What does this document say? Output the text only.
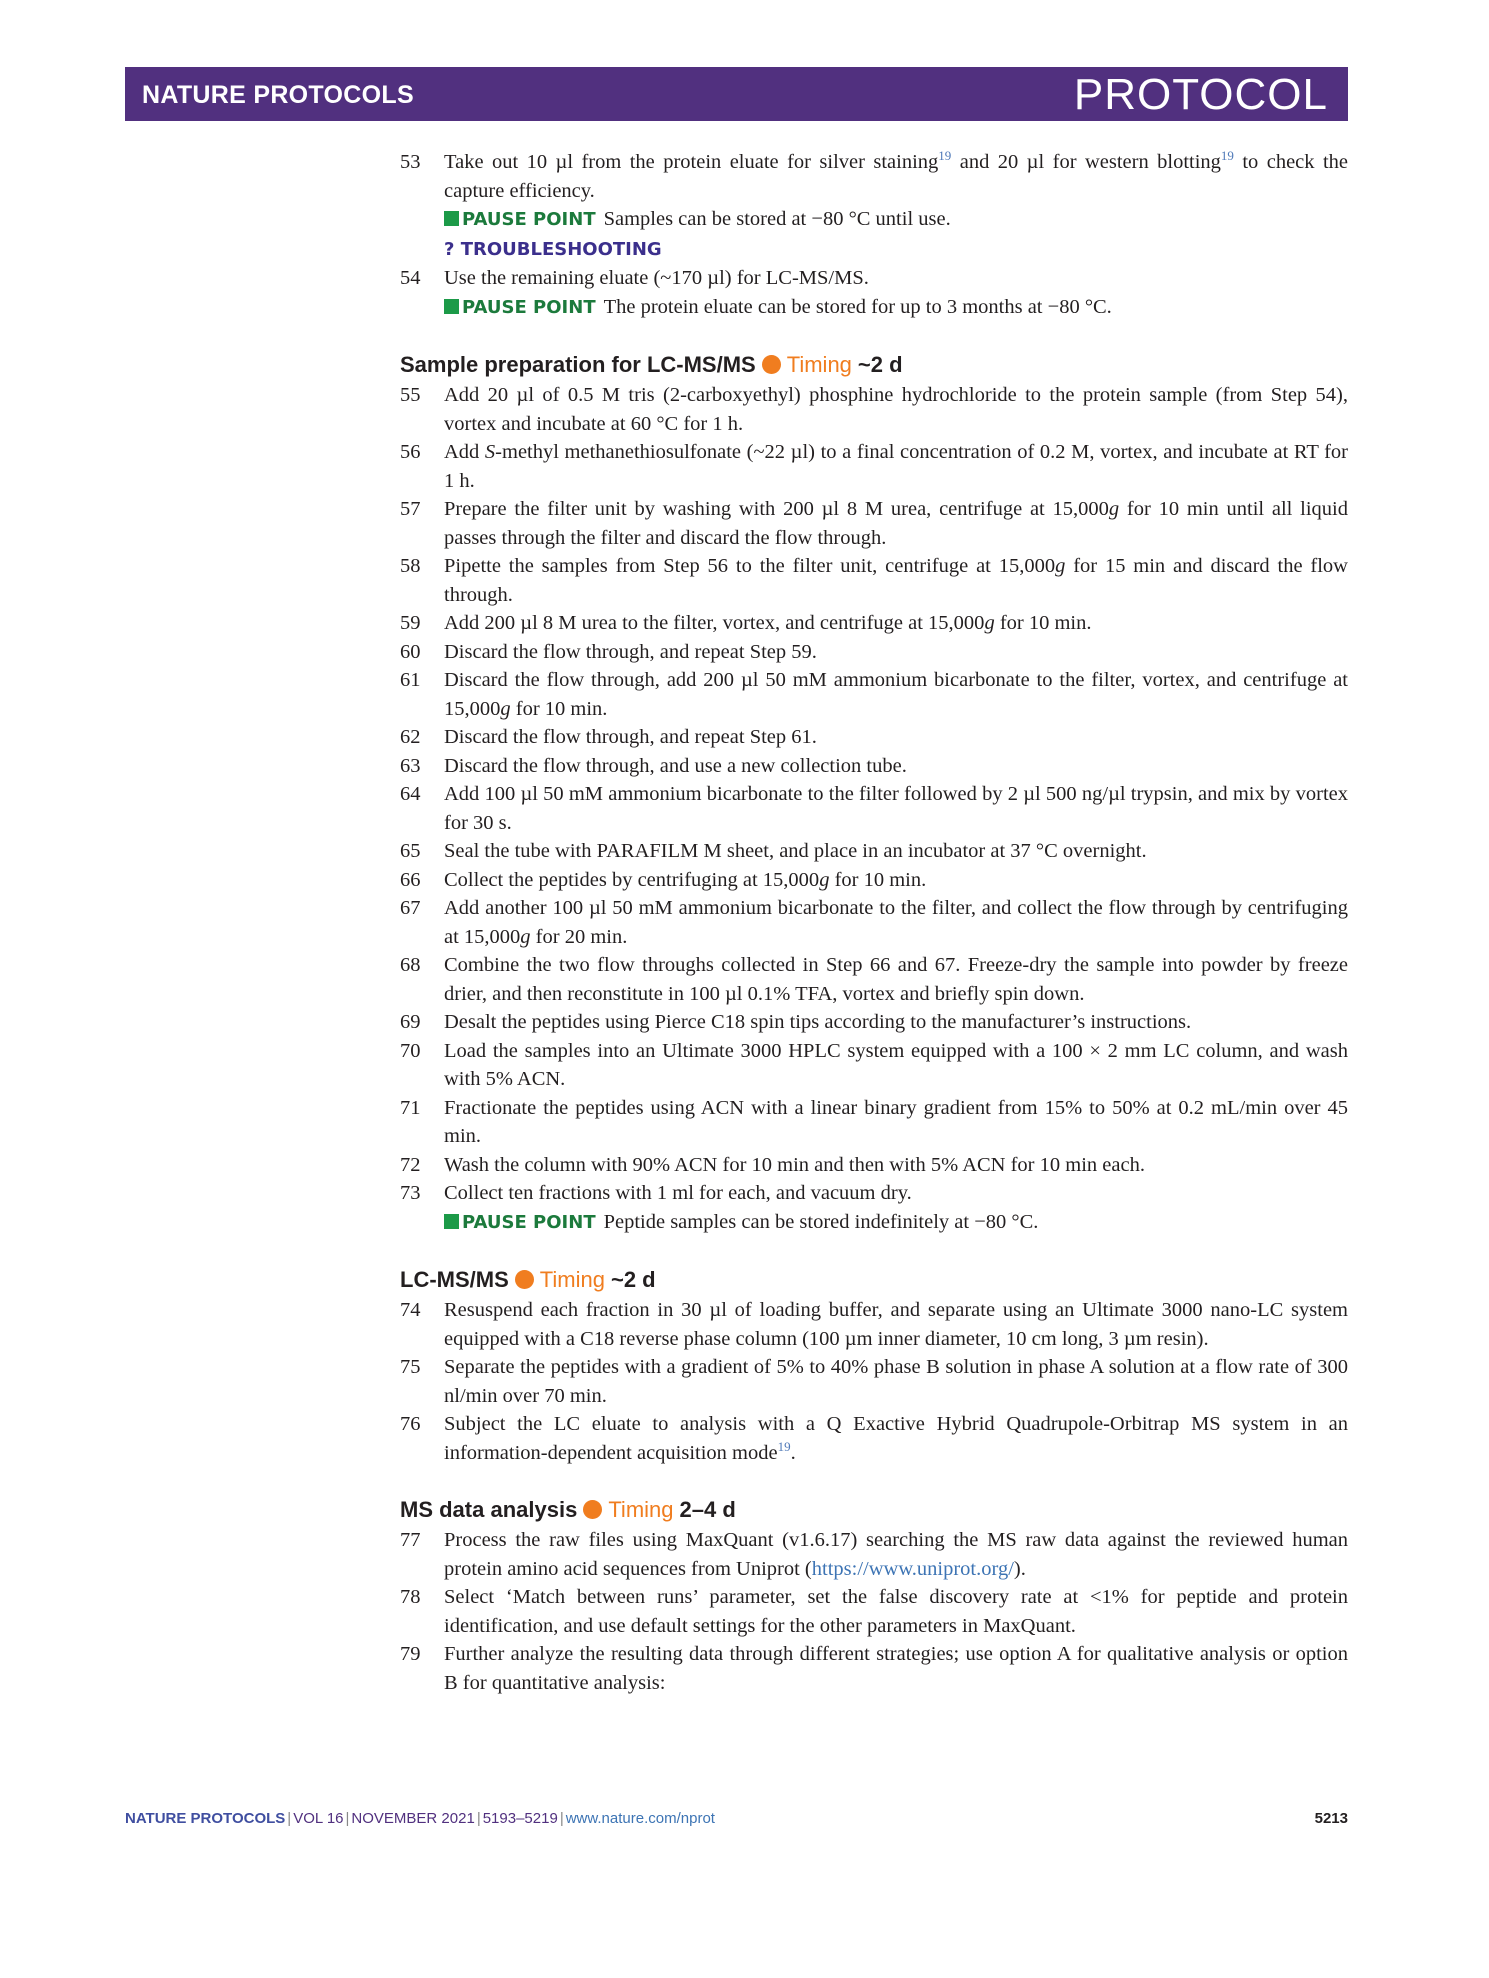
NATURE PROTOCOLS	PROTOCOL
53 Take out 10 µl from the protein eluate for silver staining$^{19}$ and 20 µl for western blotting$^{19}$ to check the capture efficiency.
PAUSE POINT Samples can be stored at −80 °C until use.
? TROUBLESHOOTING
54 Use the remaining eluate (~170 µl) for LC-MS/MS.
PAUSE POINT The protein eluate can be stored for up to 3 months at −80 °C.
Sample preparation for LC-MS/MS Timing ~2 d
55 Add 20 µl of 0.5 M tris (2-carboxyethyl) phosphine hydrochloride to the protein sample (from Step 54), vortex and incubate at 60 °C for 1 h.
56 Add S-methyl methanethiosulfonate (~22 µl) to a final concentration of 0.2 M, vortex, and incubate at RT for 1 h.
57 Prepare the filter unit by washing with 200 µl 8 M urea, centrifuge at 15,000g for 10 min until all liquid passes through the filter and discard the flow through.
58 Pipette the samples from Step 56 to the filter unit, centrifuge at 15,000g for 15 min and discard the flow through.
59 Add 200 µl 8 M urea to the filter, vortex, and centrifuge at 15,000g for 10 min.
60 Discard the flow through, and repeat Step 59.
61 Discard the flow through, add 200 µl 50 mM ammonium bicarbonate to the filter, vortex, and centrifuge at 15,000g for 10 min.
62 Discard the flow through, and repeat Step 61.
63 Discard the flow through, and use a new collection tube.
64 Add 100 µl 50 mM ammonium bicarbonate to the filter followed by 2 µl 500 ng/µl trypsin, and mix by vortex for 30 s.
65 Seal the tube with PARAFILM M sheet, and place in an incubator at 37 °C overnight.
66 Collect the peptides by centrifuging at 15,000g for 10 min.
67 Add another 100 µl 50 mM ammonium bicarbonate to the filter, and collect the flow through by centrifuging at 15,000g for 20 min.
68 Combine the two flow throughs collected in Step 66 and 67. Freeze-dry the sample into powder by freeze drier, and then reconstitute in 100 µl 0.1% TFA, vortex and briefly spin down.
69 Desalt the peptides using Pierce C18 spin tips according to the manufacturer’s instructions.
70 Load the samples into an Ultimate 3000 HPLC system equipped with a 100 × 2 mm LC column, and wash with 5% ACN.
71 Fractionate the peptides using ACN with a linear binary gradient from 15% to 50% at 0.2 mL/min over 45 min.
72 Wash the column with 90% ACN for 10 min and then with 5% ACN for 10 min each.
73 Collect ten fractions with 1 ml for each, and vacuum dry.
PAUSE POINT Peptide samples can be stored indefinitely at −80 °C.
LC-MS/MS Timing ~2 d
74 Resuspend each fraction in 30 µl of loading buffer, and separate using an Ultimate 3000 nano-LC system equipped with a C18 reverse phase column (100 µm inner diameter, 10 cm long, 3 µm resin).
75 Separate the peptides with a gradient of 5% to 40% phase B solution in phase A solution at a flow rate of 300 nl/min over 70 min.
76 Subject the LC eluate to analysis with a Q Exactive Hybrid Quadrupole-Orbitrap MS system in an information-dependent acquisition mode$^{19}$.
MS data analysis Timing 2–4 d
77 Process the raw files using MaxQuant (v1.6.17) searching the MS raw data against the reviewed human protein amino acid sequences from Uniprot (https://www.uniprot.org/).
78 Select ‘Match between runs’ parameter, set the false discovery rate at <1% for peptide and protein identification, and use default settings for the other parameters in MaxQuant.
79 Further analyze the resulting data through different strategies; use option A for qualitative analysis or option B for quantitative analysis:
NATURE PROTOCOLS | VOL 16 | NOVEMBER 2021 | 5193–5219 | www.nature.com/nprot	5213
